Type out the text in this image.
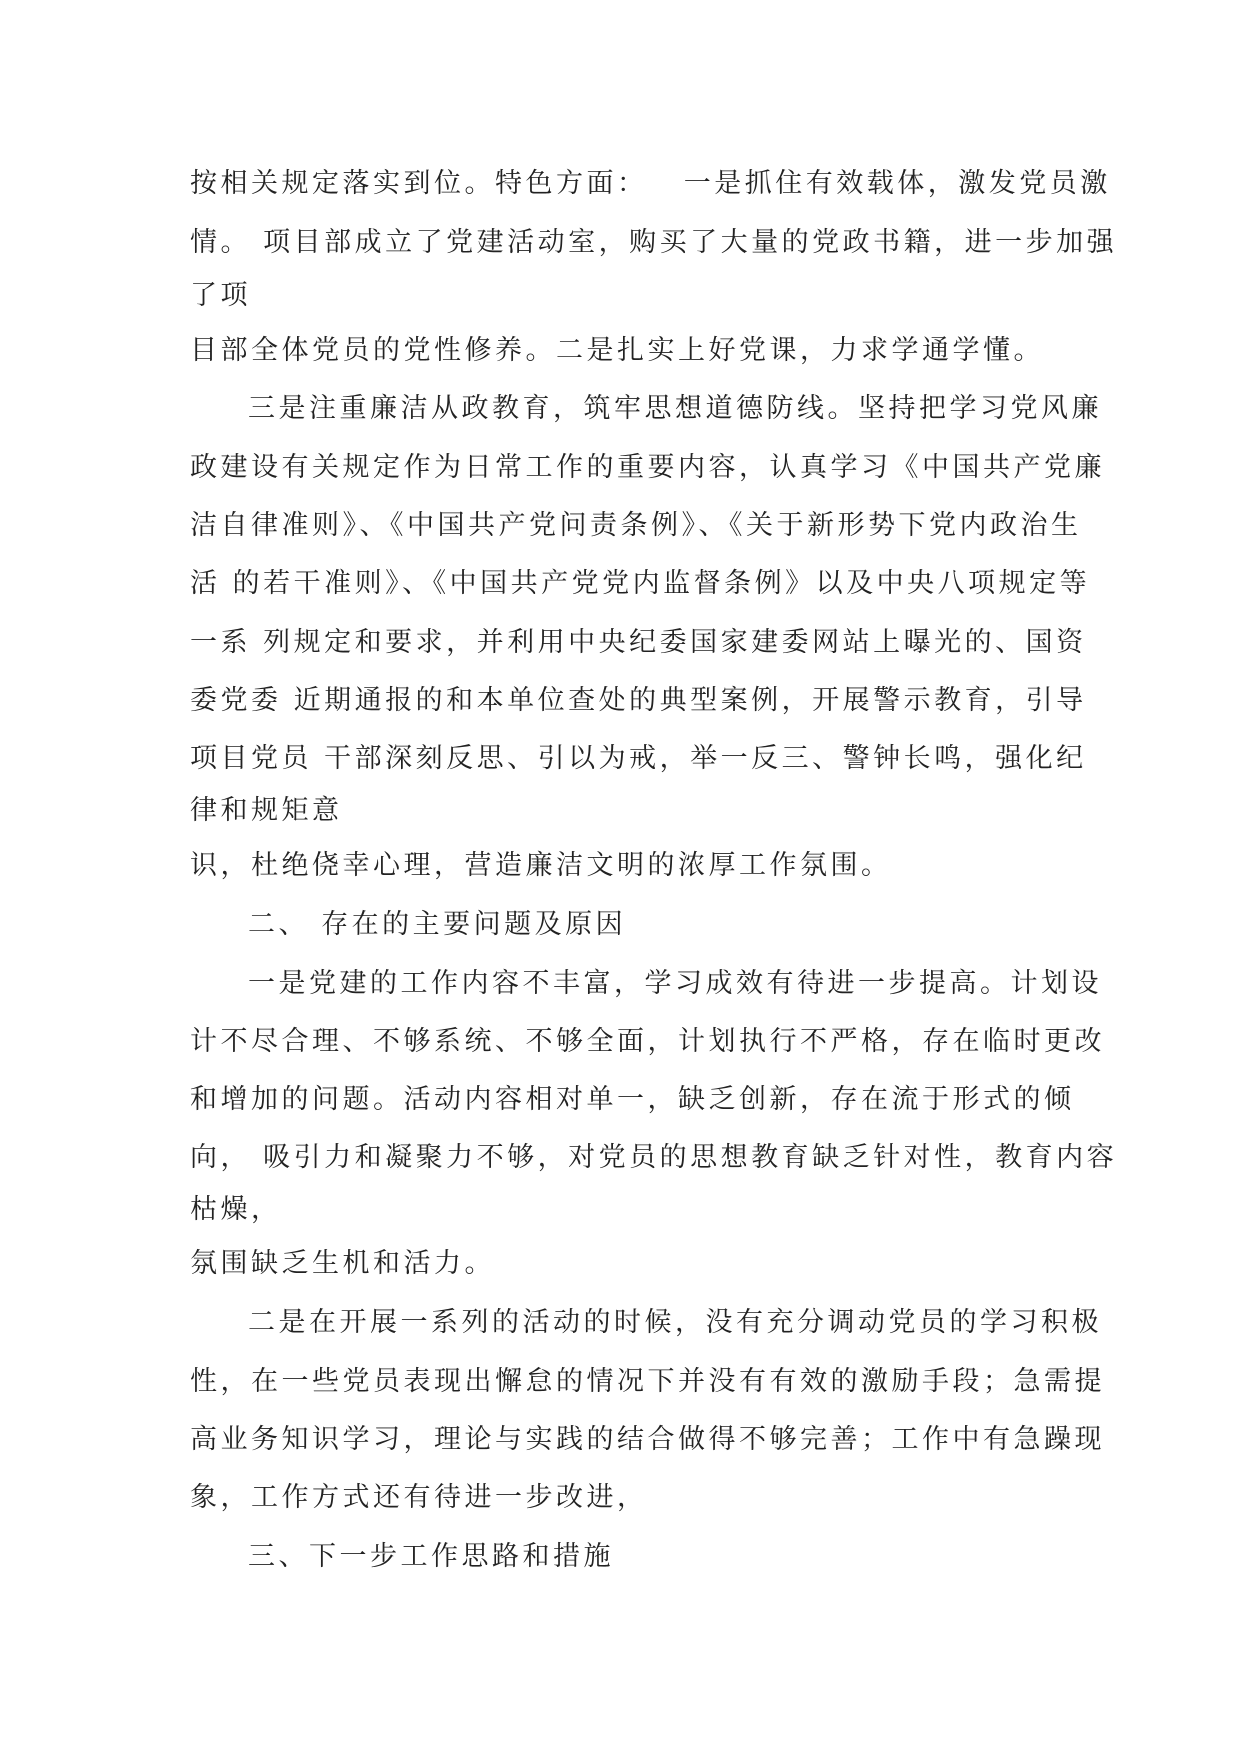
按相关规定落实到位。特色方面：   一是抓住有效载体，激发党员激
情。 项目部成立了党建活动室，购买了大量的党政书籍，进一步加强
了项
目部全体党员的党性修养。二是扎实上好党课，力求学通学懂。
三是注重廉洁从政教育，筑牢思想道德防线。坚持把学习党风廉
政建设有关规定作为日常工作的重要内容，认真学习《中国共产党廉
洁自律准则》、《中国共产党问责条例》、《关于新形势下党内政治生
活 的若干准则》、《中国共产党党内监督条例》以及中央八项规定等
一系 列规定和要求，并利用中央纪委国家建委网站上曝光的、国资
委党委 近期通报的和本单位查处的典型案例，开展警示教育，引导
项目党员 干部深刻反思、引以为戒，举一反三、警钟长鸣，强化纪
律和规矩意
识，杜绝侥幸心理，营造廉洁文明的浓厚工作氛围。
二、 存在的主要问题及原因
一是党建的工作内容不丰富，学习成效有待进一步提高。计划设
计不尽合理、不够系统、不够全面，计划执行不严格，存在临时更改
和增加的问题。活动内容相对单一，缺乏创新，存在流于形式的倾
向， 吸引力和凝聚力不够，对党员的思想教育缺乏针对性，教育内容
枯燥，
氛围缺乏生机和活力。
二是在开展一系列的活动的时候，没有充分调动党员的学习积极
性，在一些党员表现出懈怠的情况下并没有有效的激励手段；急需提
高业务知识学习，理论与实践的结合做得不够完善；工作中有急躁现
象，工作方式还有待进一步改进，
三、下一步工作思路和措施
